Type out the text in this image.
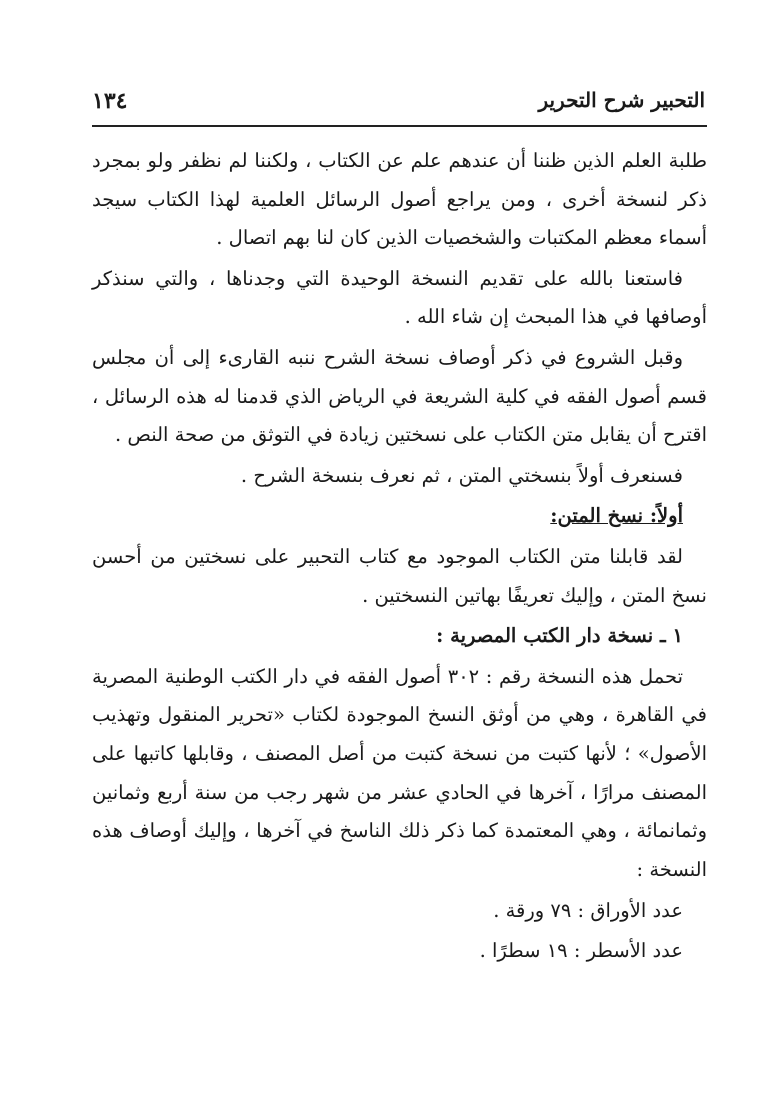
١٣٤	التحبير شرح التحرير

طلبة العلم الذين ظننا أن عندهم علم عن الكتاب ، ولكننا لم نظفر ولو بمجرد ذكر لنسخة أخرى ، ومن يراجع أصول الرسائل العلمية لهذا الكتاب سيجد أسماء معظم المكتبات والشخصيات الذين كان لنا بهم اتصال .

فاستعنا بالله على تقديم النسخة الوحيدة التي وجدناها ، والتي سنذكر أوصافها في هذا المبحث إن شاء الله .

وقبل الشروع في ذكر أوصاف نسخة الشرح ننبه القارىء إلى أن مجلس قسم أصول الفقه في كلية الشريعة في الرياض الذي قدمنا له هذه الرسائل ، اقترح أن يقابل متن الكتاب على نسختين زيادة في التوثق من صحة النص .

فسنعرف أولاً بنسختي المتن ، ثم نعرف بنسخة الشرح .

أولاً: نسخ المتن:

لقد قابلنا متن الكتاب الموجود مع كتاب التحبير على نسختين من أحسن نسخ المتن ، وإليك تعريفًا بهاتين النسختين .

١ ـ نسخة دار الكتب المصرية :

تحمل هذه النسخة رقم : ٣٠٢ أصول الفقه في دار الكتب الوطنية المصرية في القاهرة ، وهي من أوثق النسخ الموجودة لكتاب «تحرير المنقول وتهذيب الأصول» ؛ لأنها كتبت من نسخة كتبت من أصل المصنف ، وقابلها كاتبها على المصنف مرارًا ، آخرها في الحادي عشر من شهر رجب من سنة أربع وثمانين وثمانمائة ، وهي المعتمدة كما ذكر ذلك الناسخ في آخرها ، وإليك أوصاف هذه النسخة :

عدد الأوراق : ٧٩ ورقة .

عدد الأسطر : ١٩ سطرًا .
